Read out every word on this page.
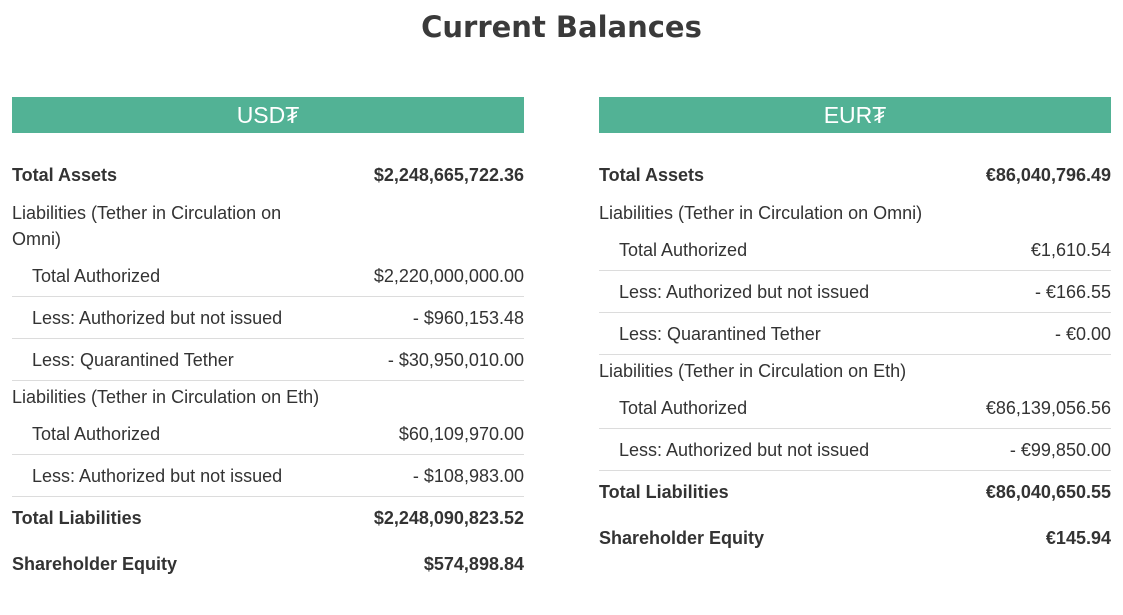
Current Balances
USD₮
Total Assets	$2,248,665,722.36
Liabilities (Tether in Circulation on Omni)
Total Authorized	$2,220,000,000.00
Less: Authorized but not issued	- $960,153.48
Less: Quarantined Tether	- $30,950,010.00
Liabilities (Tether in Circulation on Eth)
Total Authorized	$60,109,970.00
Less: Authorized but not issued	- $108,983.00
Total Liabilities	$2,248,090,823.52
Shareholder Equity	$574,898.84
EUR₮
Total Assets	€86,040,796.49
Liabilities (Tether in Circulation on Omni)
Total Authorized	€1,610.54
Less: Authorized but not issued	- €166.55
Less: Quarantined Tether	- €0.00
Liabilities (Tether in Circulation on Eth)
Total Authorized	€86,139,056.56
Less: Authorized but not issued	- €99,850.00
Total Liabilities	€86,040,650.55
Shareholder Equity	€145.94
